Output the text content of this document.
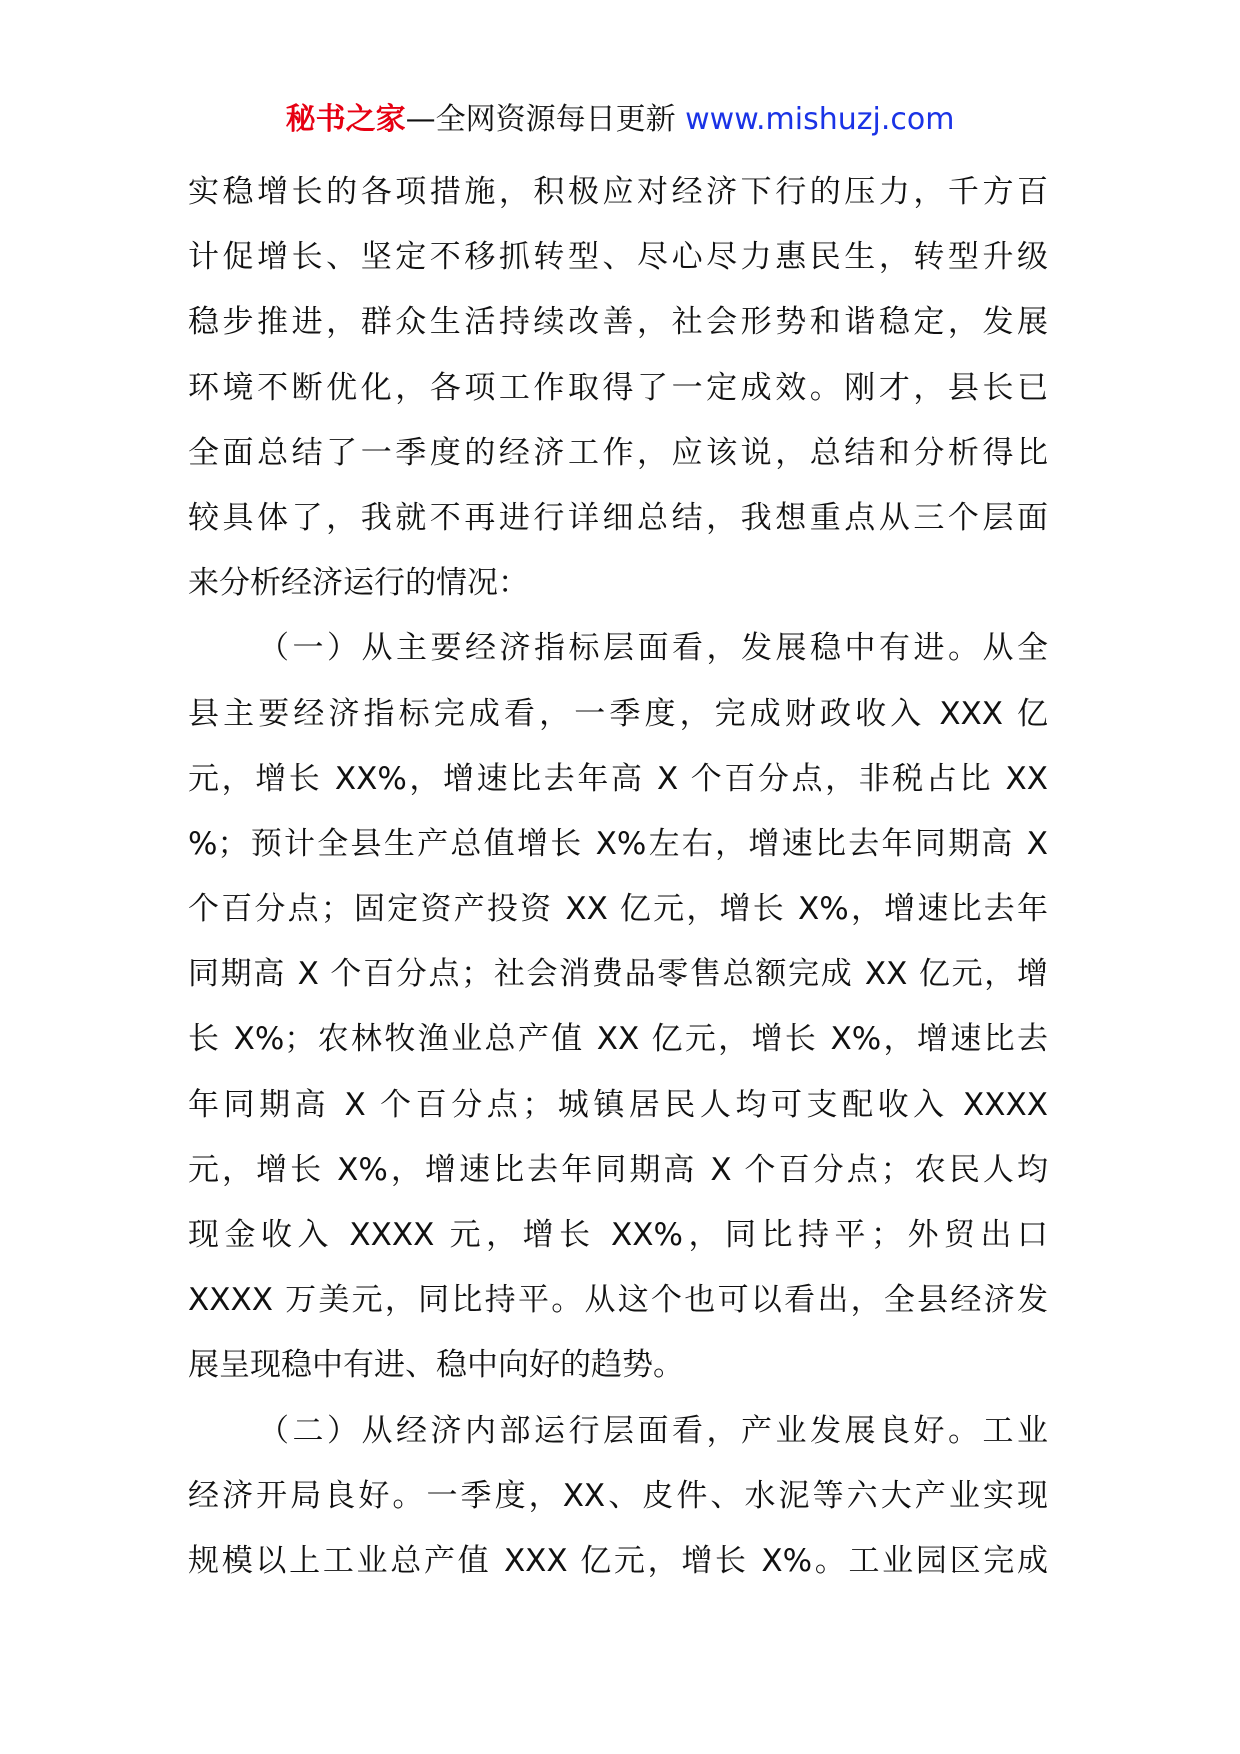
秘书之家—全网资源每日更新 www.mishuzj.com
实稳增长的各项措施，积极应对经济下行的压力，千方百
计促增长、坚定不移抓转型、尽心尽力惠民生，转型升级
稳步推进，群众生活持续改善，社会形势和谐稳定，发展
环境不断优化，各项工作取得了一定成效。刚才，县长已
全面总结了一季度的经济工作，应该说，总结和分析得比
较具体了，我就不再进行详细总结，我想重点从三个层面
来分析经济运行的情况：
（一）从主要经济指标层面看，发展稳中有进。从全
县主要经济指标完成看，一季度，完成财政收入 XXX 亿
元，增长 XX%，增速比去年高 X 个百分点，非税占比 XX
%；预计全县生产总值增长 X%左右，增速比去年同期高 X
个百分点；固定资产投资 XX 亿元，增长 X%，增速比去年
同期高 X 个百分点；社会消费品零售总额完成 XX 亿元，增
长 X%；农林牧渔业总产值 XX 亿元，增长 X%，增速比去
年同期高 X 个百分点；城镇居民人均可支配收入 XXXX
元，增长 X%，增速比去年同期高 X 个百分点；农民人均
现金收入 XXXX 元，增长 XX%，同比持平；外贸出口
XXXX 万美元，同比持平。从这个也可以看出，全县经济发
展呈现稳中有进、稳中向好的趋势。
（二）从经济内部运行层面看，产业发展良好。工业
经济开局良好。一季度，XX、皮件、水泥等六大产业实现
规模以上工业总产值 XXX 亿元，增长 X%。工业园区完成
